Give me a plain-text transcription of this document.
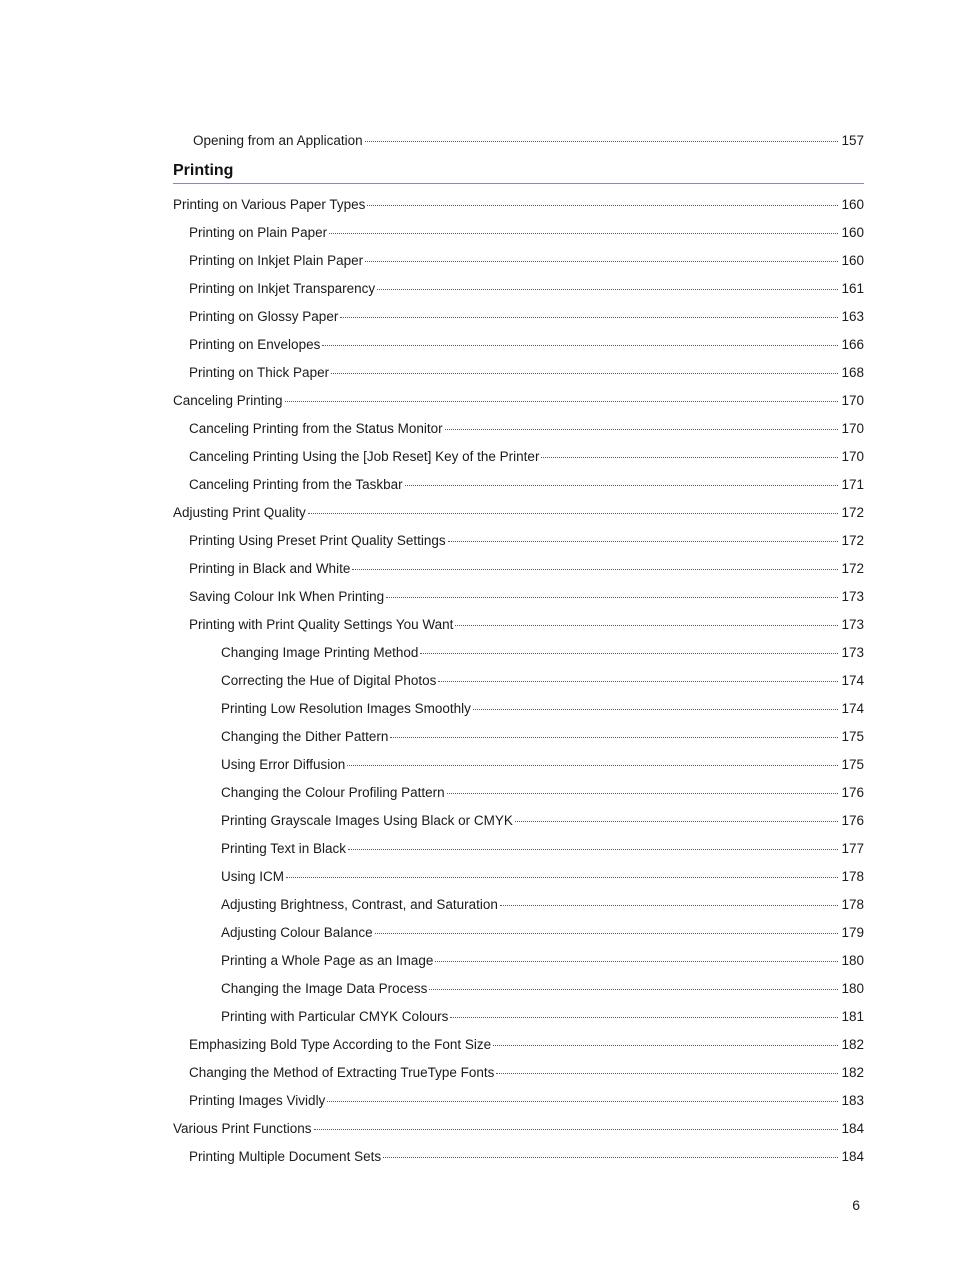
Opening from an Application	157
Printing
Printing on Various Paper Types	160
Printing on Plain Paper	160
Printing on Inkjet Plain Paper	160
Printing on Inkjet Transparency	161
Printing on Glossy Paper	163
Printing on Envelopes	166
Printing on Thick Paper	168
Canceling Printing	170
Canceling Printing from the Status Monitor	170
Canceling Printing Using the [Job Reset] Key of the Printer	170
Canceling Printing from the Taskbar	171
Adjusting Print Quality	172
Printing Using Preset Print Quality Settings	172
Printing in Black and White	172
Saving Colour Ink When Printing	173
Printing with Print Quality Settings You Want	173
Changing Image Printing Method	173
Correcting the Hue of Digital Photos	174
Printing Low Resolution Images Smoothly	174
Changing the Dither Pattern	175
Using Error Diffusion	175
Changing the Colour Profiling Pattern	176
Printing Grayscale Images Using Black or CMYK	176
Printing Text in Black	177
Using ICM	178
Adjusting Brightness, Contrast, and Saturation	178
Adjusting Colour Balance	179
Printing a Whole Page as an Image	180
Changing the Image Data Process	180
Printing with Particular CMYK Colours	181
Emphasizing Bold Type According to the Font Size	182
Changing the Method of Extracting TrueType Fonts	182
Printing Images Vividly	183
Various Print Functions	184
Printing Multiple Document Sets	184
6
